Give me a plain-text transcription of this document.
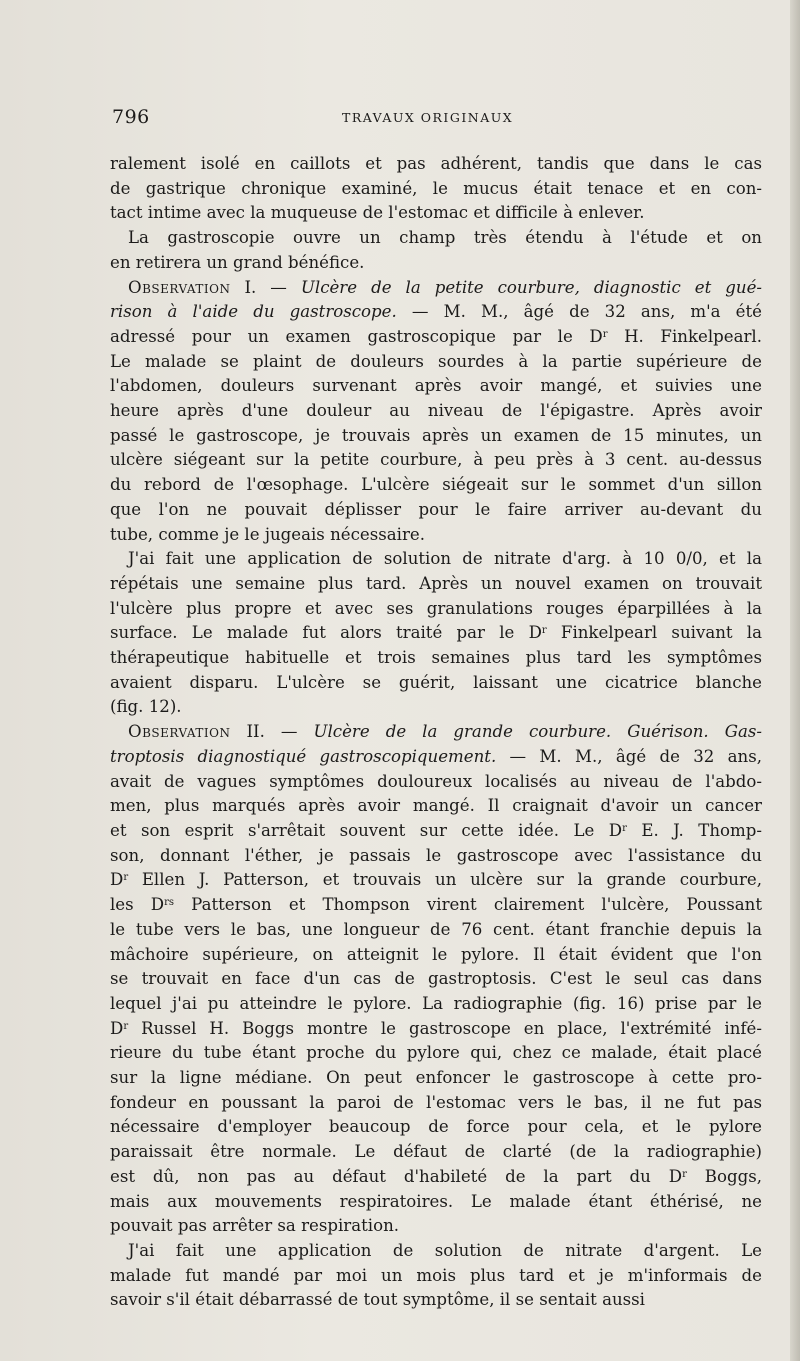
796	TRAVAUX ORIGINAUX

ralement isolé en caillots et pas adhérent, tandis que dans le cas

de gastrique chronique examiné, le mucus était tenace et en con-

tact intime avec la muqueuse de l'estomac et difficile à enlever.

La gastroscopie ouvre un champ très étendu à l'étude et on

en retirera un grand bénéfice.

Observation I. — Ulcère de la petite courbure, diagnostic et gué-

rison à l'aide du gastroscope. — M. M., âgé de 32 ans, m'a été

adressé pour un examen gastroscopique par le $D^r$ H. Finkelpearl.

Le malade se plaint de douleurs sourdes à la partie supérieure de

l'abdomen, douleurs survenant après avoir mangé, et suivies une

heure après d'une douleur au niveau de l'épigastre. Après avoir

passé le gastroscope, je trouvais après un examen de 15 minutes, un

ulcère siégeant sur la petite courbure, à peu près à 3 cent. au-dessus

du rebord de l'œsophage. L'ulcère siégeait sur le sommet d'un sillon

que l'on ne pouvait déplisser pour le faire arriver au-devant du

tube, comme je le jugeais nécessaire.

J'ai fait une application de solution de nitrate d'arg. à 10 0/0, et la

répétais une semaine plus tard. Après un nouvel examen on trouvait

l'ulcère plus propre et avec ses granulations rouges éparpillées à la

surface. Le malade fut alors traité par le $D^r$ Finkelpearl suivant la

thérapeutique habituelle et trois semaines plus tard les symptômes

avaient disparu. L'ulcère se guérit, laissant une cicatrice blanche

(fig. 12).

Observation II. — Ulcère de la grande courbure. Guérison. Gas-

troptosis diagnostiqué gastroscopiquement. — M. M., âgé de 32 ans,

avait de vagues symptômes douloureux localisés au niveau de l'abdo-

men, plus marqués après avoir mangé. Il craignait d'avoir un cancer

et son esprit s'arrêtait souvent sur cette idée. Le $D^r$ E. J. Thomp-

son, donnant l'éther, je passais le gastroscope avec l'assistance du

$D^r$ Ellen J. Patterson, et trouvais un ulcère sur la grande courbure,

les $D^{rs}$ Patterson et Thompson virent clairement l'ulcère, Poussant

le tube vers le bas, une longueur de 76 cent. étant franchie depuis la

mâchoire supérieure, on atteignit le pylore. Il était évident que l'on

se trouvait en face d'un cas de gastroptosis. C'est le seul cas dans

lequel j'ai pu atteindre le pylore. La radiographie (fig. 16) prise par le

$D^r$ Russel H. Boggs montre le gastroscope en place, l'extrémité infé-

rieure du tube étant proche du pylore qui, chez ce malade, était placé

sur la ligne médiane. On peut enfoncer le gastroscope à cette pro-

fondeur en poussant la paroi de l'estomac vers le bas, il ne fut pas

nécessaire d'employer beaucoup de force pour cela, et le pylore

paraissait être normale. Le défaut de clarté (de la radiographie)

est dû, non pas au défaut d'habileté de la part du $D^r$ Boggs,

mais aux mouvements respiratoires. Le malade étant éthérisé, ne

pouvait pas arrêter sa respiration.

J'ai fait une application de solution de nitrate d'argent. Le

malade fut mandé par moi un mois plus tard et je m'informais de

savoir s'il était débarrassé de tout symptôme, il se sentait aussi
